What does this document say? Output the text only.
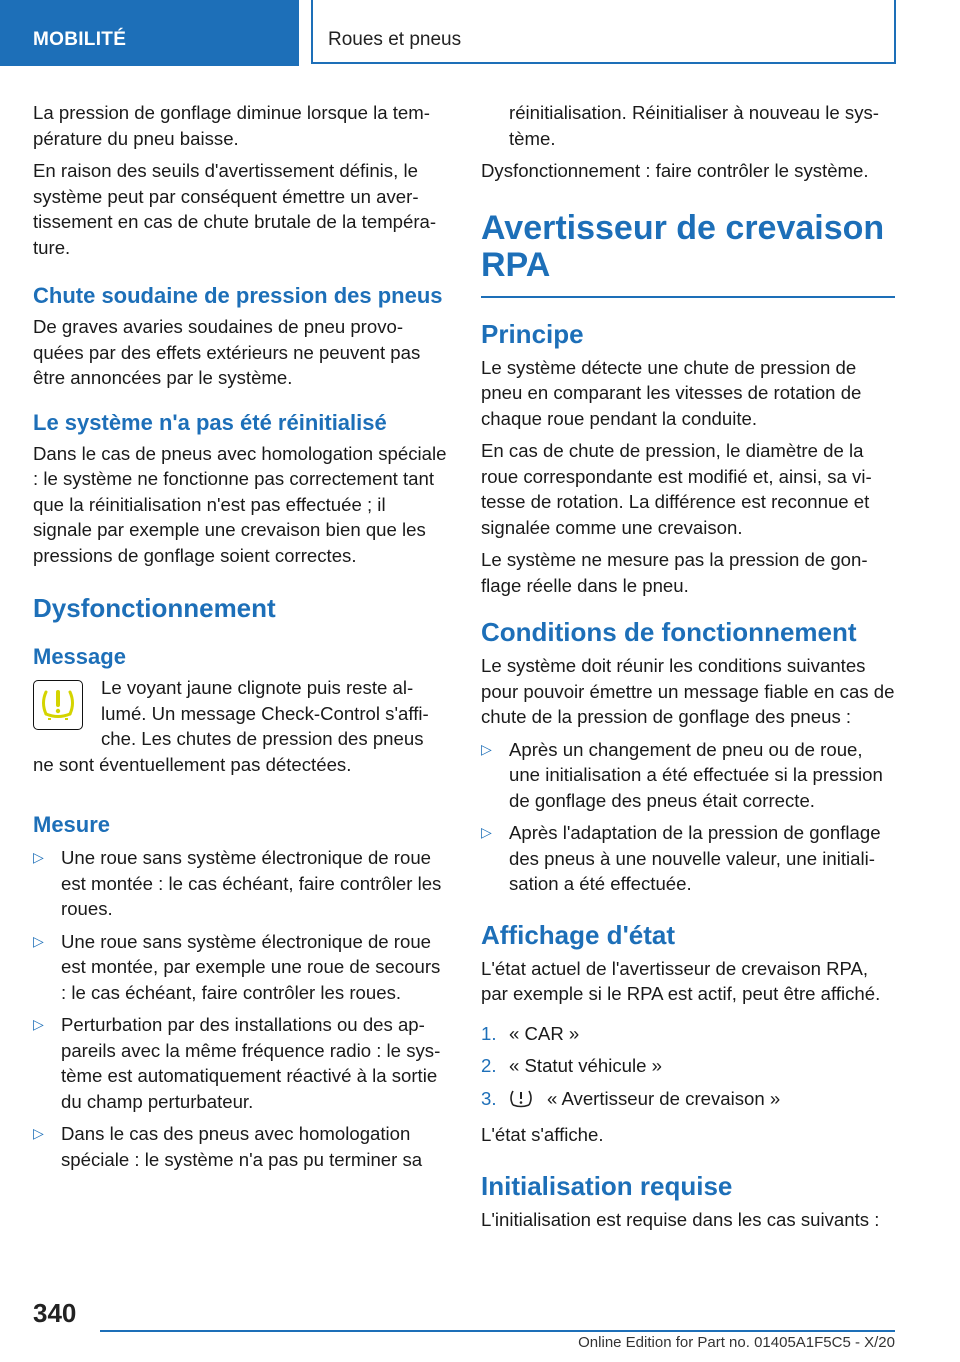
MOBILITÉ	Roues et pneus

La pression de gonflage diminue lorsque la température du pneu baisse.

En raison des seuils d'avertissement définis, le système peut par conséquent émettre un avertissement en cas de chute brutale de la température.

Chute soudaine de pression des pneus

De graves avaries soudaines de pneu provoquées par des effets extérieurs ne peuvent pas être annoncées par le système.

Le système n'a pas été réinitialisé

Dans le cas de pneus avec homologation spéciale : le système ne fonctionne pas correctement tant que la réinitialisation n'est pas effectuée ; il signale par exemple une crevaison bien que les pressions de gonflage soient correctes.

Dysfonctionnement
Message

Le voyant jaune clignote puis reste allumé. Un message Check-Control s'affiche. Les chutes de pression des pneus ne sont éventuellement pas détectées.

Mesure
▷ Une roue sans système électronique de roue est montée : le cas échéant, faire contrôler les roues.
▷ Une roue sans système électronique de roue est montée, par exemple une roue de secours : le cas échéant, faire contrôler les roues.
▷ Perturbation par des installations ou des appareils avec la même fréquence radio : le système est automatiquement réactivé à la sortie du champ perturbateur.
▷ Dans le cas des pneus avec homologation spéciale : le système n'a pas pu terminer sa

réinitialisation. Réinitialiser à nouveau le système.

Dysfonctionnement : faire contrôler le système.

Avertisseur de crevaison RPA
Principe

Le système détecte une chute de pression de pneu en comparant les vitesses de rotation de chaque roue pendant la conduite.

En cas de chute de pression, le diamètre de la roue correspondante est modifié et, ainsi, sa vitesse de rotation. La différence est reconnue et signalée comme une crevaison.

Le système ne mesure pas la pression de gonflage réelle dans le pneu.

Conditions de fonctionnement

Le système doit réunir les conditions suivantes pour pouvoir émettre un message fiable en cas de chute de la pression de gonflage des pneus :

▷ Après un changement de pneu ou de roue, une initialisation a été effectuée si la pression de gonflage des pneus était correcte.
▷ Après l'adaptation de la pression de gonflage des pneus à une nouvelle valeur, une initialisation a été effectuée.
Affichage d'état

L'état actuel de l'avertisseur de crevaison RPA, par exemple si le RPA est actif, peut être affiché.

1. « CAR »
2. « Statut véhicule »
3.	« Avertisseur de crevaison »

L'état s'affiche.

Initialisation requise

L'initialisation est requise dans les cas suivants :

340
Online Edition for Part no. 01405A1F5C5 - X/20
